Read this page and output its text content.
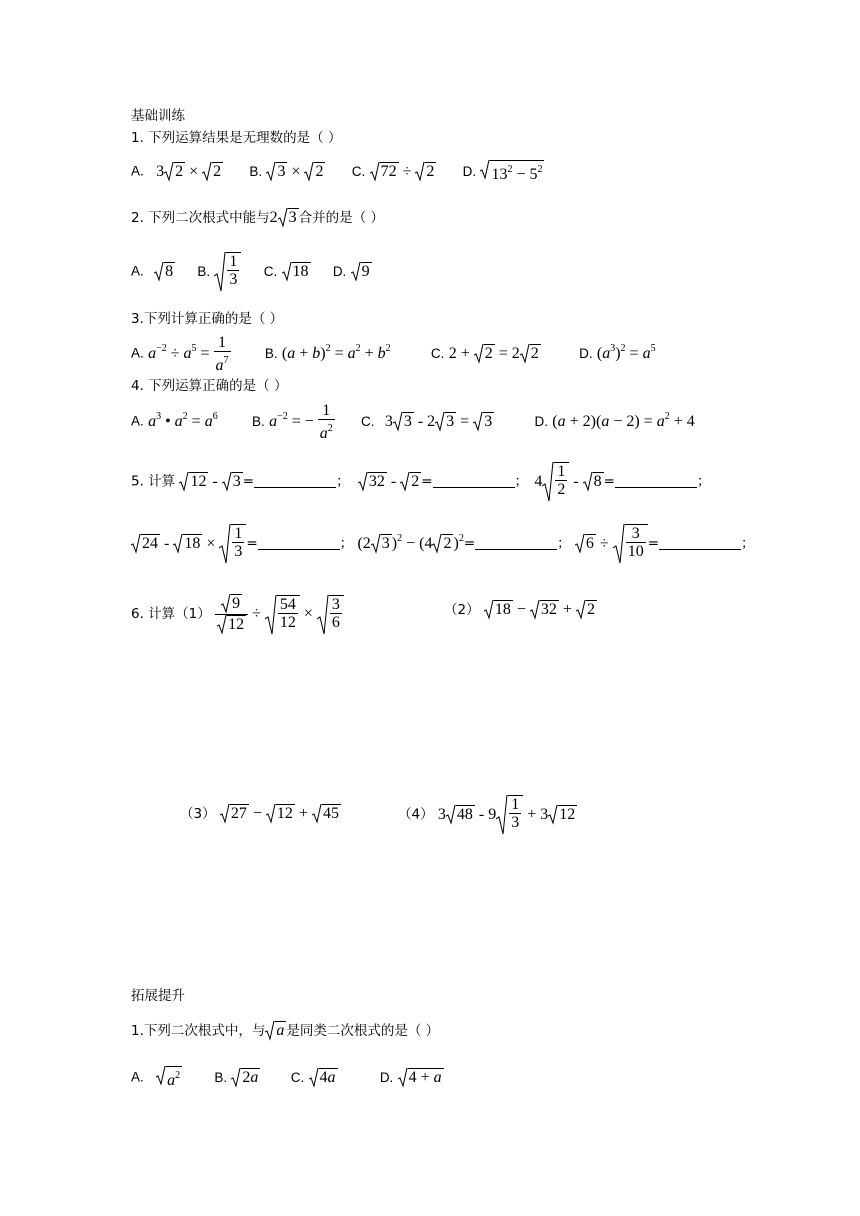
基础训练
1. 下列运算结果是无理数的是（ ）
A. 3 2 × 2 B. 3 × 2 C. 72 ÷ 2 D. $13^2 - 5^2$
2. 下列二次根式中能与2 3 合并的是（ ）
A. 8 B. $\frac{1}{3} C$. 18 D. 9
3.下列计算正确的是（ ）
A. $a^{-2} \div a^5 = \frac{1}{a^7}$	B. $(a + b)^2 = a^2 + b^2$	C. 2 + 2 = 2 2	D. $(a^3)^2 = a^5$
4. 下列运算正确的是（ ）
A. $a^3$ • $a^2 = a^6$	B. $a^{-2}$ = − $\frac{1}{a^2} C$. 3 3 - 2 3 = 3	D. $(a + 2)(a - 2) = a^2 + 4$
5. 计算 12 - 3 =	； 32 - 2 =	； $4 \frac{1}{2} - 8$ =	；
$24 - 18 \times \frac{1}{3}$ =	； (2 3 )$^2$ − (4 2 )$^2$=	； $6 \div \frac{3}{10}$ =	；
6. 计算$(1) \frac{9}{12} \div \frac{54}{12} \times \frac{3}{6}$	（2） 18 − 32 + 2
（3） 27 − 12 + 45	（4） 3 $48 - 9 \frac{1}{3} + 3$ 12
拓展提升
1.下列二次根式中，与 a 是同类二次根式的是（ ）
A. $a^2$	B. 2a C. 4a	D. 4 + a
